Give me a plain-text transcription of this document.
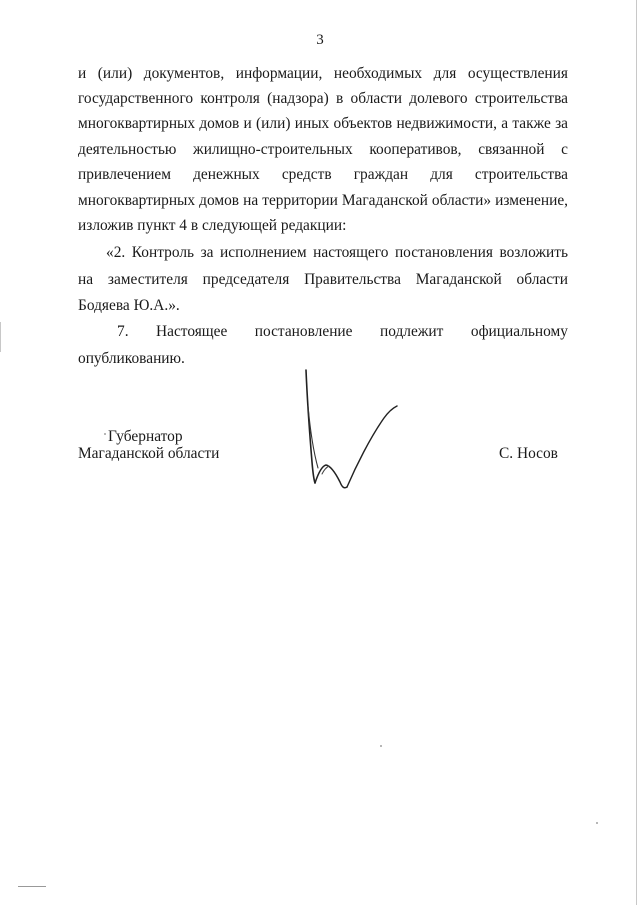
3
и (или) документов, информации, необходимых для осуществления
государственного контроля (надзора) в области долевого строительства
многоквартирных домов и (или) иных объектов недвижимости, а также за
деятельностью жилищно-строительных кооперативов, связанной с
привлечением денежных средств граждан для строительства
многоквартирных домов на территории Магаданской области» изменение,
изложив пункт 4 в следующей редакции:
«2. Контроль за исполнением настоящего постановления возложить
на заместителя председателя Правительства Магаданской области
Бодяева Ю.А.».
7. Настоящее постановление подлежит официальному
опубликованию.
Губернатор
Магаданской области	С. Носов
